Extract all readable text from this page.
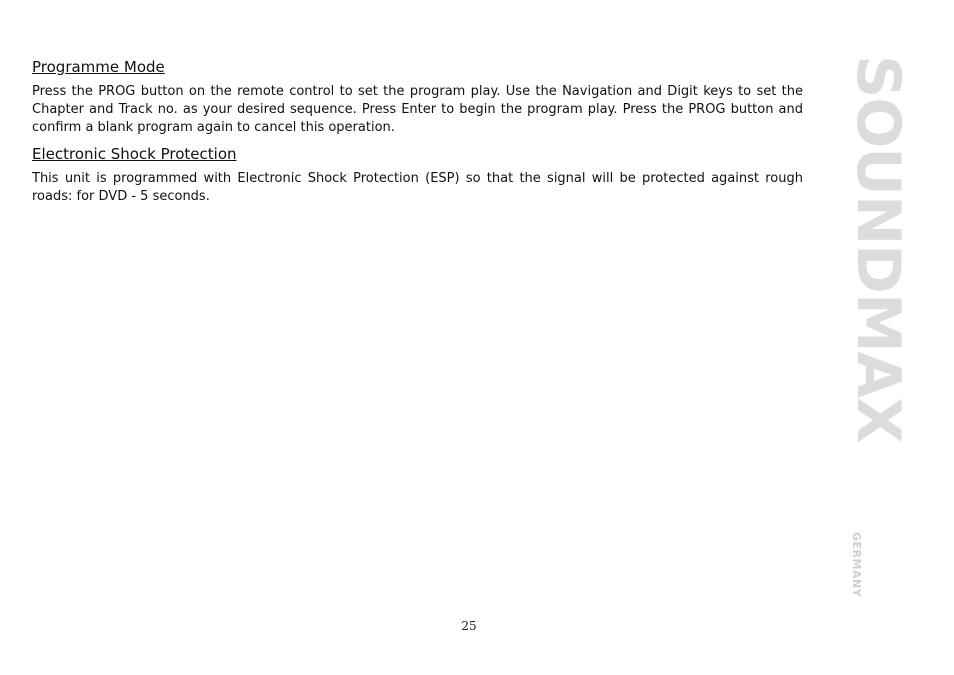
Programme Mode

Press the PROG button on the remote control to set the program play. Use the Navigation and Digit keys to set the Chapter and Track no. as your desired sequence. Press Enter to begin the program play. Press the PROG button and confirm a blank program again to cancel this operation.

Electronic Shock Protection

This unit is programmed with Electronic Shock Protection (ESP) so that the signal will be protected against rough roads: for DVD - 5 seconds.	SOUNDMAX
GERMANY
25
